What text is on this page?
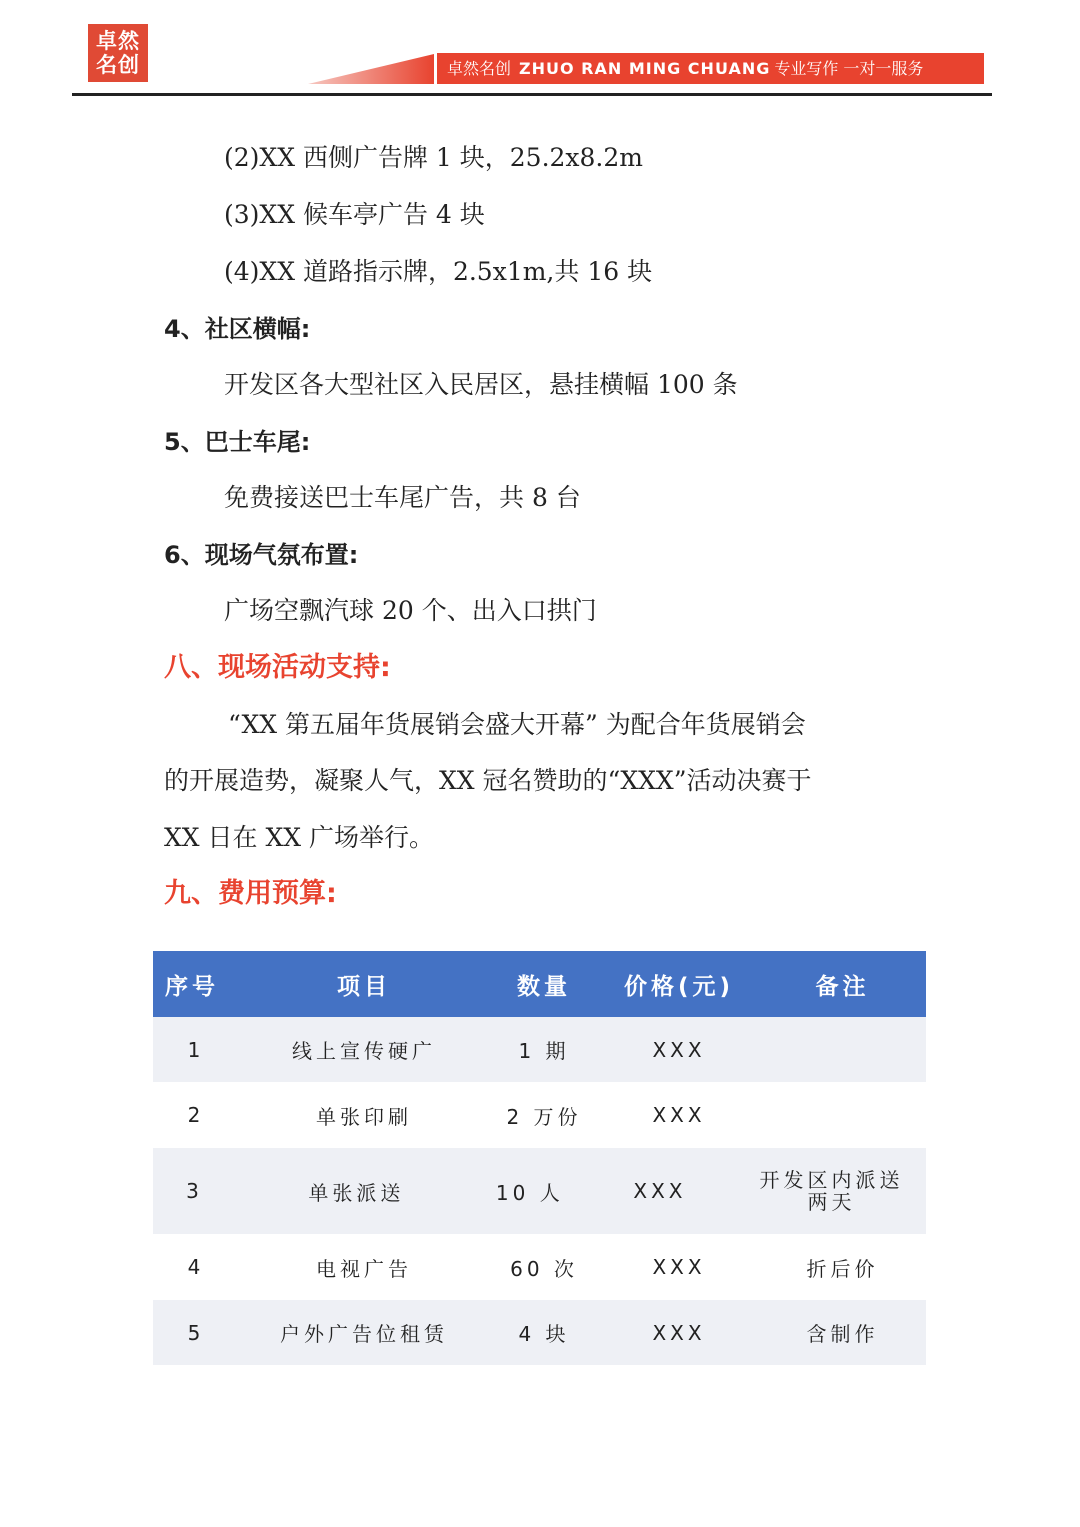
卓然
名创	卓然名创 ZHUO RAN MING CHUANG 专业写作 一对一服务
(2)XX 西侧广告牌 1 块，25.2x8.2m
(3)XX 候车亭广告 4 块
(4)XX 道路指示牌，2.5x1m,共 16 块
4、社区横幅:
开发区各大型社区入民居区，悬挂横幅 100 条
5、巴士车尾:
免费接送巴士车尾广告，共 8 台
6、现场气氛布置:
广场空飘汽球 20 个、出入口拱门
八、现场活动支持:
“XX 第五届年货展销会盛大开幕” 为配合年货展销会
的开展造势，凝聚人气，XX 冠名赞助的“XXX”活动决赛于
XX 日在 XX 广场举行。
九、费用预算:
序号	项目	数量	价格(元)	备注
1	线上宣传硬广	1 期	XXX
2	单张印刷	2 万份	XXX
3	单张派送	10 人	XXX	开发区内派送两天
4	电视广告	60 次	XXX	折后价
5	户外广告位租赁	4 块	XXX	含制作
